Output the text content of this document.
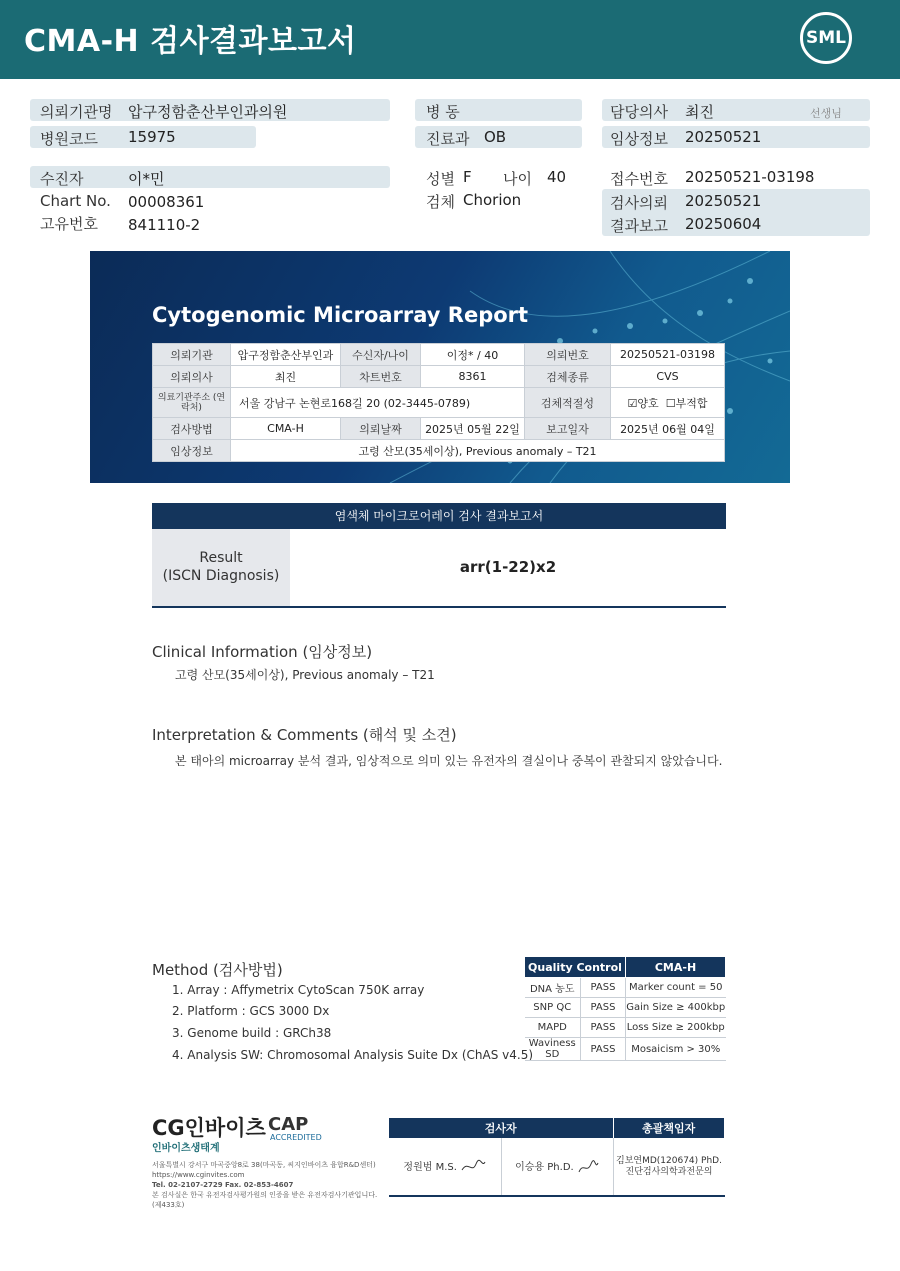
CMA-H 검사결과보고서	SML
의뢰기관명 압구정함춘산부인과의원
병원코드 15975
병 동
진료과 OB
담당의사 최진	선생님
임상정보 20250521
수진자	이*민
Chart No. 00008361
고유번호 841110-2
성별 F 나이 40
검체 Chorion
접수번호 20250521-03198
검사의뢰 20250521
결과보고 20250604
Cytogenomic Microarray Report
의뢰기관	압구정함춘산부인과	수신자/나이	이정* / 40	의뢰번호	20250521-03198
의뢰의사	최진	차트번호	8361	검체종류	CVS
의료기관주소 (연락처)	서울 강남구 논현로168길 20 (02-3445-0789)			검체적절성	☑양호 ☐부적합
검사방법	CMA-H	의뢰날짜	2025년 05월 22일	보고일자	2025년 06월 04일
임상정보	고령 산모(35세이상), Previous anomaly – T21				
염색체 마이크로어레이 검사 결과보고서
Result
(ISCN Diagnosis)	arr(1-22)x2
Clinical Information (임상정보)
고령 산모(35세이상), Previous anomaly – T21
Interpretation & Comments (해석 및 소견)
본 태아의 microarray 분석 결과, 임상적으로 의미 있는 유전자의 결실이나 중복이 관찰되지 않았습니다.
Method (검사방법)
1. Array : Affymetrix CytoScan 750K array
2. Platform : GCS 3000 Dx
3. Genome build : GRCh38
4. Analysis SW: Chromosomal Analysis Suite Dx (ChAS v4.5)
Quality Control		CMA-H
DNA 농도	PASS	Marker count = 50
SNP QC	PASS	Gain Size ≥ 400kbp
MAPD	PASS	Loss Size ≥ 200kbp
Waviness SD	PASS	Mosaicism > 30%
CG인바이츠
인바이츠생태계
CAP
ACCREDITED
서울특별시 강서구 마곡중앙8로 38(마곡동, 씨지인바이츠 융합R&D센터)
https://www.cginvites.com
Tel. 02-2107-2729 Fax. 02-853-4607
본 검사실은 한국 유전자검사평가원의 인증을 받은 유전자검사기관입니다. (제433호)
검사자		총괄책임자
정원범 M.S.	이승용 Ph.D.	김보연MD(120674) PhD.
진단검사의학과전문의
